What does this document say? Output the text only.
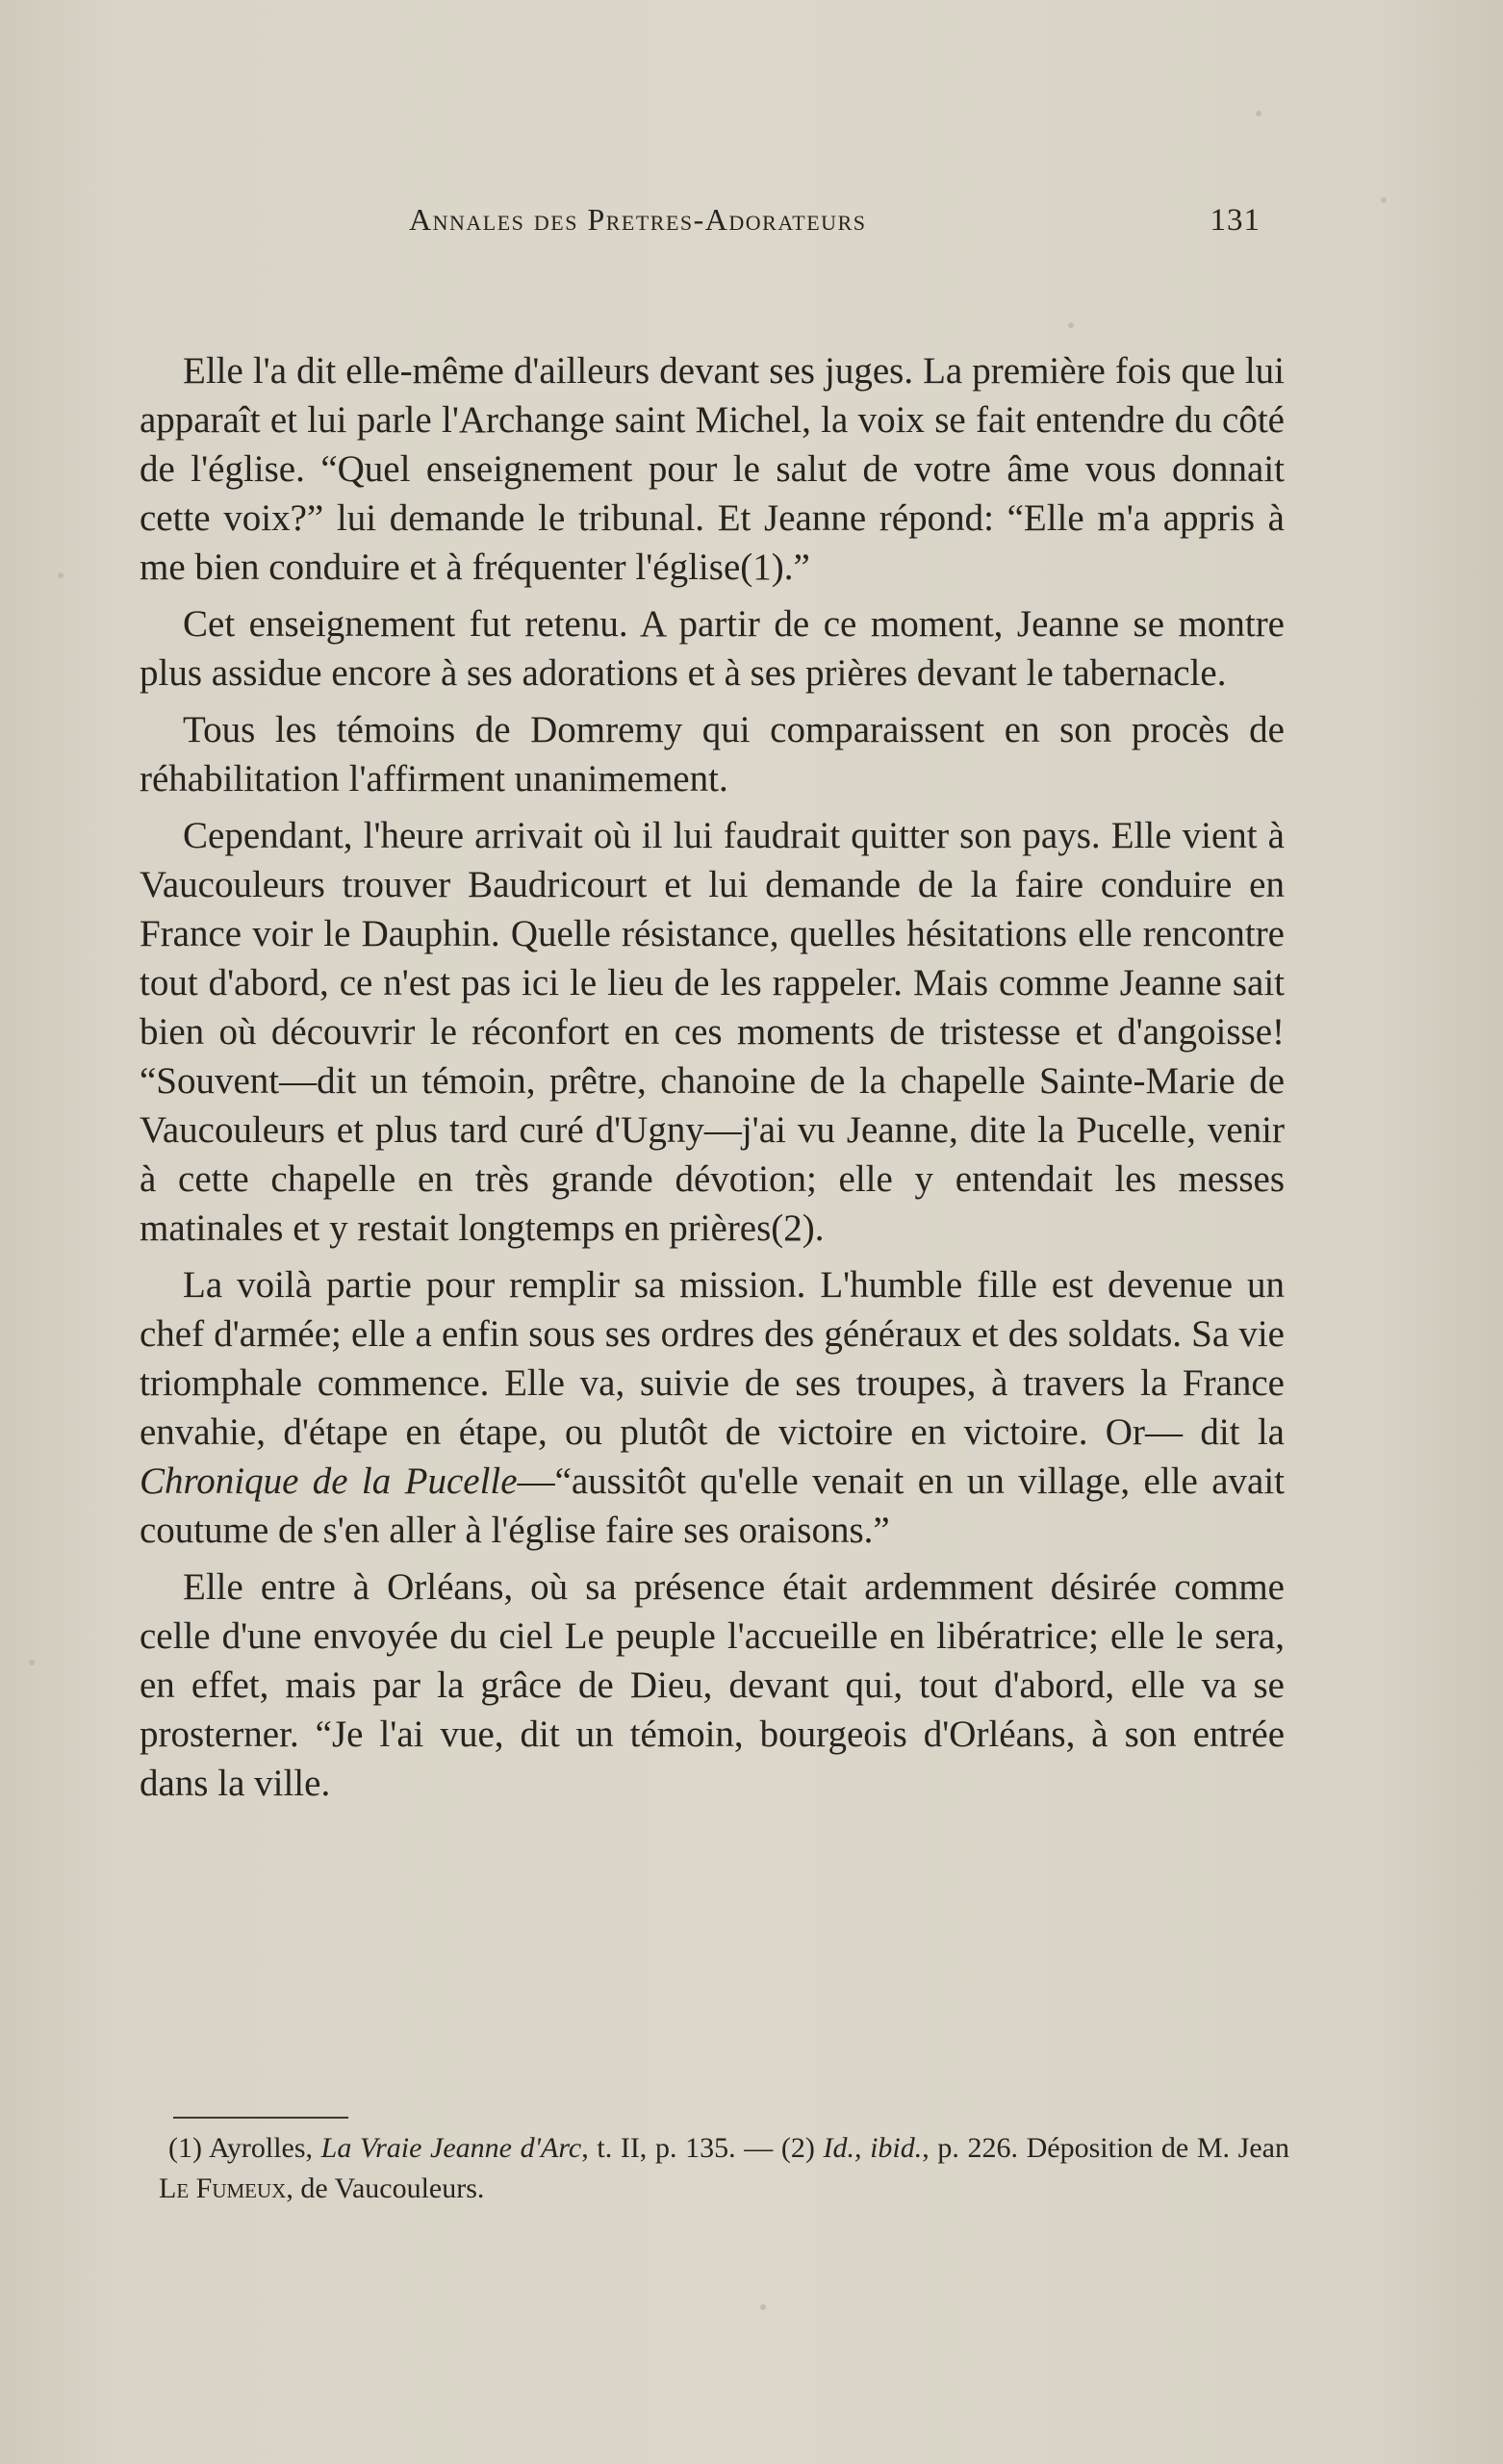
Annales des Pretres-Adorateurs	131

Elle l'a dit elle-même d'ailleurs devant ses juges. La première fois que lui apparaît et lui parle l'Archange saint Michel, la voix se fait entendre du côté de l'église. “Quel enseignement pour le salut de votre âme vous donnait cette voix?” lui demande le tribunal. Et Jeanne répond: “Elle m'a appris à me bien conduire et à fréquenter l'église(1).”

Cet enseignement fut retenu. A partir de ce moment, Jeanne se montre plus assidue encore à ses adorations et à ses prières devant le tabernacle.

Tous les témoins de Domremy qui comparaissent en son procès de réhabilitation l'affirment unanimement.

Cependant, l'heure arrivait où il lui faudrait quitter son pays. Elle vient à Vaucouleurs trouver Baudricourt et lui demande de la faire conduire en France voir le Dauphin. Quelle résistance, quelles hésitations elle rencontre tout d'abord, ce n'est pas ici le lieu de les rappeler. Mais comme Jeanne sait bien où découvrir le réconfort en ces moments de tristesse et d'angoisse! “Souvent—dit un témoin, prêtre, chanoine de la chapelle Sainte-Marie de Vaucouleurs et plus tard curé d'Ugny—j'ai vu Jeanne, dite la Pucelle, venir à cette chapelle en très grande dévotion; elle y entendait les messes matinales et y restait longtemps en prières(2).

La voilà partie pour remplir sa mission. L'humble fille est devenue un chef d'armée; elle a enfin sous ses ordres des généraux et des soldats. Sa vie triomphale commence. Elle va, suivie de ses troupes, à travers la France envahie, d'étape en étape, ou plutôt de victoire en victoire. Or— dit la Chronique de la Pucelle—“aussitôt qu'elle venait en un village, elle avait coutume de s'en aller à l'église faire ses oraisons.”

Elle entre à Orléans, où sa présence était ardemment désirée comme celle d'une envoyée du ciel Le peuple l'accueille en libératrice; elle le sera, en effet, mais par la grâce de Dieu, devant qui, tout d'abord, elle va se prosterner. “Je l'ai vue, dit un témoin, bourgeois d'Orléans, à son entrée dans la ville.

(1) Ayrolles, La Vraie Jeanne d'Arc, t. II, p. 135. — (2) Id., ibid., p. 226. Déposition de M. Jean Le Fumeux, de Vaucouleurs.
